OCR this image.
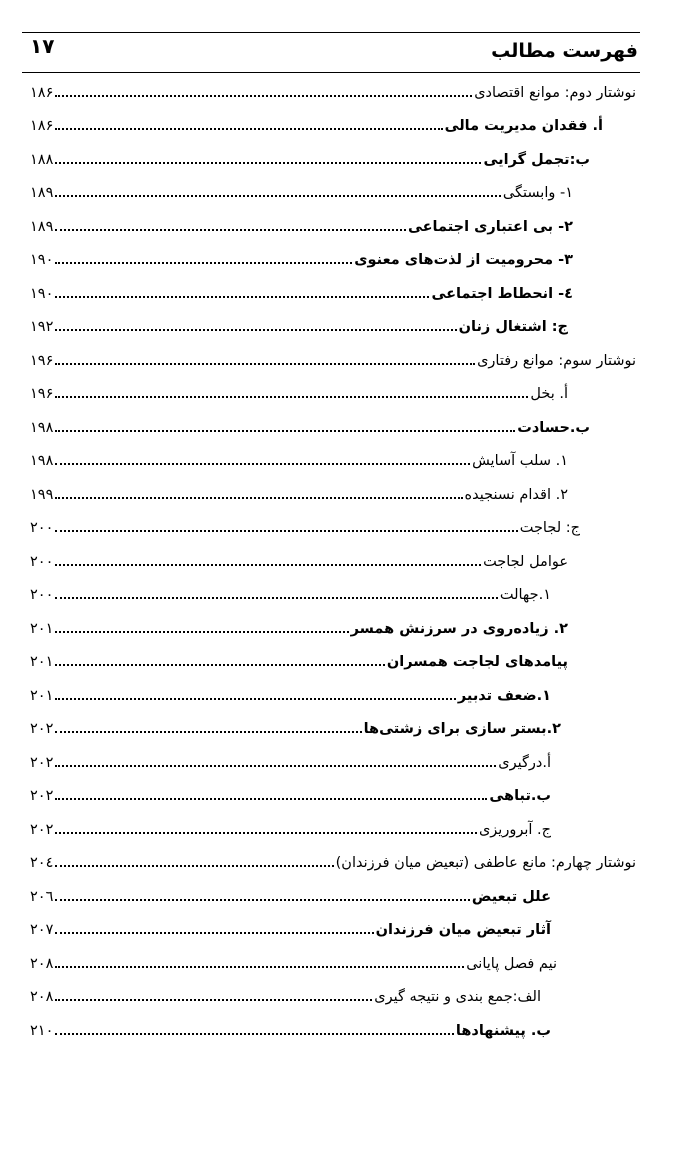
۱۷	فهرست مطالب
نوشتار دوم: موانع اقتصادی
۱۸۶
أ. فقدان مدیریت مالی
۱۸۶
ب:تجمل گرایی
۱۸۸
۱- وابستگی
۱۸۹
۲- بی اعتباری اجتماعی
۱۸۹
۳- محرومیت از لذت‌های معنوی
۱۹۰
٤- انحطاط اجتماعی
۱۹۰
ج: اشتغال زنان
۱۹۲
نوشتار سوم: موانع رفتاری
۱۹۶
أ. بخل
۱۹۶
ب.حسادت
۱۹۸
۱. سلب آسایش
۱۹۸
۲. اقدام نسنجیده
۱۹۹
ج: لجاجت
۲۰۰
عوامل لجاجت
۲۰۰
۱.جهالت
۲۰۰
۲. زیاده‌روی در سرزنش همسر
۲۰۱
پیامدهای لجاجت همسران
۲۰۱
۱.ضعف تدبیر
۲۰۱
۲.بستر سازی برای زشتی‌ها
۲۰۲
أ.درگیری
۲۰۲
ب.تباهی
۲۰۲
ج. آبروریزی
۲۰۲
نوشتار چهارم: مانع عاطفی (تبعیض میان فرزندان)
۲۰٤
علل تبعیض
۲۰٦
آثار تبعیض میان فرزندان
۲۰۷
نیم فصل پایانی
۲۰۸
الف:جمع بندی و نتیجه گیری
۲۰۸
ب. پیشنهادها
۲۱۰
